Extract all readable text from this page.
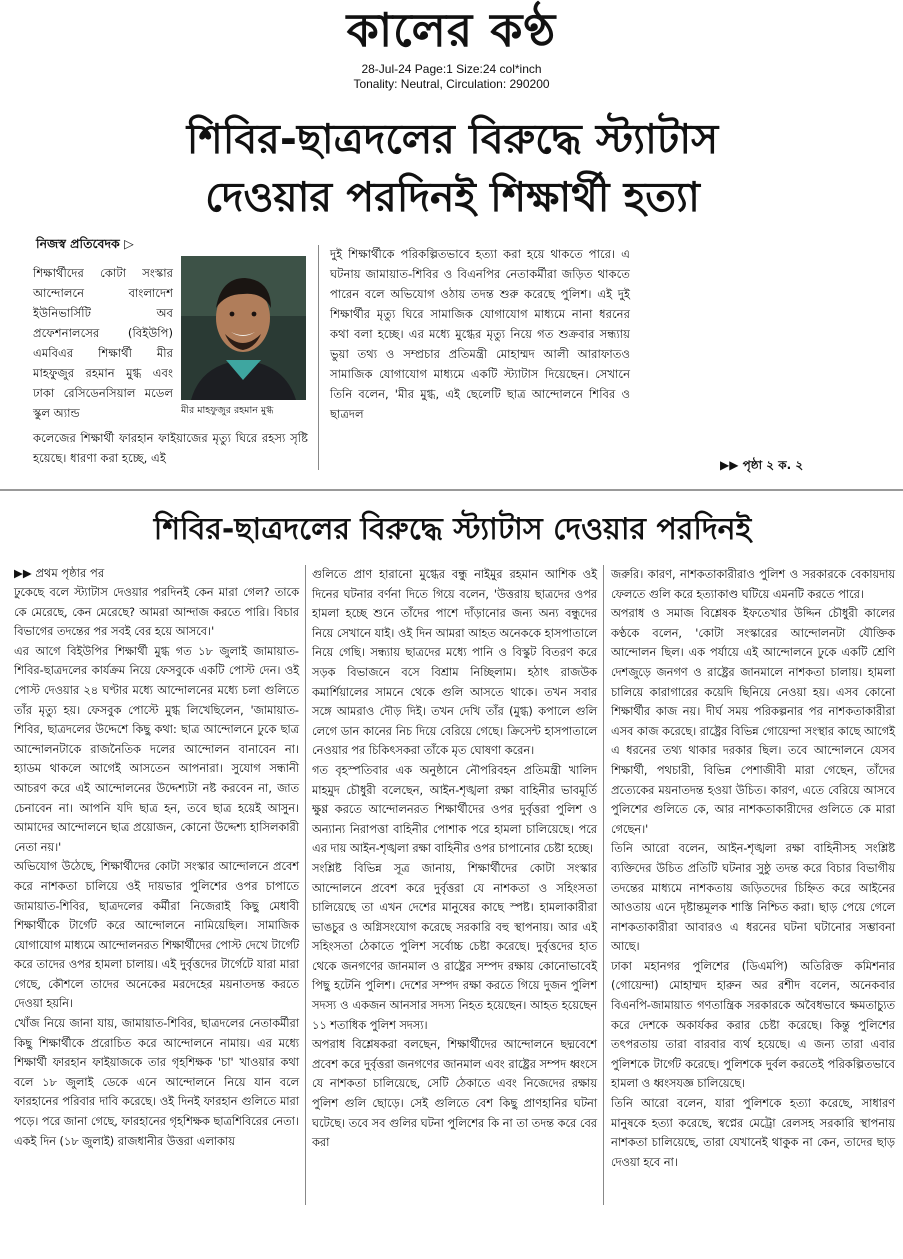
কালের কণ্ঠ
28-Jul-24 Page:1 Size:24 col*inch
Tonality: Neutral, Circulation: 290200
শিবির-ছাত্রদলের বিরুদ্ধে স্ট্যাটাস
দেওয়ার পরদিনই শিক্ষার্থী হত্যা
নিজস্ব প্রতিবেদক ▷

শিক্ষার্থীদের কোটা সংস্কার আন্দোলনে বাংলাদেশ ইউনিভার্সিটি অব প্রফেশনালসের (বিইউপি) এমবিএর শিক্ষার্থী মীর মাহফুজুর রহমান মুগ্ধ এবং ঢাকা রেসিডেনসিয়াল মডেল স্কুল অ্যান্ড	মীর মাহফুজুর রহমান মুগ্ধ

কলেজের শিক্ষার্থী ফারহান ফাইয়াজের মৃত্যু ঘিরে রহস্য সৃষ্টি হয়েছে। ধারণা করা হচ্ছে, এই

দুই শিক্ষার্থীকে পরিকল্পিতভাবে হত্যা করা হয়ে থাকতে পারে। এ ঘটনায় জামায়াত-শিবির ও বিএনপির নেতাকর্মীরা জড়িত থাকতে পারেন বলে অভিযোগ ওঠায় তদন্ত শুরু করেছে পুলিশ। এই দুই শিক্ষার্থীর মৃত্যু ঘিরে সামাজিক যোগাযোগ মাধ্যমে নানা ধরনের কথা বলা হচ্ছে। এর মধ্যে মুগ্ধের মৃত্যু নিয়ে গত শুক্রবার সন্ধ্যায় ভুয়া তথ্য ও সম্প্রচার প্রতিমন্ত্রী মোহাম্মদ আলী আরাফাতও সামাজিক যোগাযোগ মাধ্যমে একটি স্ট্যাটাস দিয়েছেন। সেখানে তিনি বলেন, 'মীর মুগ্ধ, এই ছেলেটি ছাত্র আন্দোলনে শিবির ও ছাত্রদল

▶▶ পৃষ্ঠা ২ ক. ২
শিবির-ছাত্রদলের বিরুদ্ধে স্ট্যাটাস দেওয়ার পরদিনই
▶▶ প্রথম পৃষ্ঠার পর

ঢুকেছে বলে স্ট্যাটাস দেওয়ার পরদিনই কেন মারা গেল? তাকে কে মেরেছে, কেন মেরেছে? আমরা আন্দাজ করতে পারি। বিচার বিভাগের তদন্তের পর সবই বের হয়ে আসবে।'

এর আগে বিইউপির শিক্ষার্থী মুগ্ধ গত ১৮ জুলাই জামায়াত-শিবির-ছাত্রদলের কার্যক্রম নিয়ে ফেসবুকে একটি পোস্ট দেন। ওই পোস্ট দেওয়ার ২৪ ঘণ্টার মধ্যে আন্দোলনের মধ্যে চলা গুলিতে তাঁর মৃত্যু হয়। ফেসবুক পোস্টে মুগ্ধ লিখেছিলেন, 'জামায়াত-শিবির, ছাত্রদলের উদ্দেশে কিছু কথা: ছাত্র আন্দোলনে ঢুকে ছাত্র আন্দোলনটাকে রাজনৈতিক দলের আন্দোলন বানাবেন না। হ্যাডম থাকলে আগেই আসতেন আপনারা। সুযোগ সন্ধানী আচরণ করে এই আন্দোলনের উদ্দেশ্যটা নষ্ট করবেন না, জাত চেনাবেন না। আপনি যদি ছাত্র হন, তবে ছাত্র হয়েই আসুন। আমাদের আন্দোলনে ছাত্র প্রয়োজন, কোনো উদ্দেশ্য হাসিলকারী নেতা নয়।'

অভিযোগ উঠেছে, শিক্ষার্থীদের কোটা সংস্কার আন্দোলনে প্রবেশ করে নাশকতা চালিয়ে ওই দায়ভার পুলিশের ওপর চাপাতে জামায়াত-শিবির, ছাত্রদলের কর্মীরা নিজেরাই কিছু মেধাবী শিক্ষার্থীকে টার্গেট করে আন্দোলনে নামিয়েছিল। সামাজিক যোগাযোগ মাধ্যমে আন্দোলনরত শিক্ষার্থীদের পোস্ট দেখে টার্গেট করে তাদের ওপর হামলা চালায়। এই দুর্বৃত্তদের টার্গেটে যারা মারা গেছে, কৌশলে তাদের অনেকের মরদেহের ময়নাতদন্ত করতে দেওয়া হয়নি।

খোঁজ নিয়ে জানা যায়, জামায়াত-শিবির, ছাত্রদলের নেতাকর্মীরা কিছু শিক্ষার্থীকে প্ররোচিত করে আন্দোলনে নামায়। এর মধ্যে শিক্ষার্থী ফারহান ফাইয়াজকে তার গৃহশিক্ষক 'চা' খাওয়ার কথা বলে ১৮ জুলাই ডেকে এনে আন্দোলনে নিয়ে যান বলে ফারহানের পরিবার দাবি করেছে। ওই দিনই ফারহান গুলিতে মারা পড়ে। পরে জানা গেছে, ফারহানের গৃহশিক্ষক ছাত্রশিবিরের নেতা।

একই দিন (১৮ জুলাই) রাজধানীর উত্তরা এলাকায়

গুলিতে প্রাণ হারানো মুগ্ধের বন্ধু নাইমুর রহমান আশিক ওই দিনের ঘটনার বর্ণনা দিতে গিয়ে বলেন, 'উত্তরায় ছাত্রদের ওপর হামলা হচ্ছে শুনে তাঁদের পাশে দাঁড়ানোর জন্য অন্য বন্ধুদের নিয়ে সেখানে যাই। ওই দিন আমরা আহত অনেককে হাসপাতালে নিয়ে গেছি। সন্ধ্যায় ছাত্রদের মধ্যে পানি ও বিস্কুট বিতরণ করে সড়ক বিভাজনে বসে বিশ্রাম নিচ্ছিলাম। হঠাৎ রাজউক কমার্শিয়ালের সামনে থেকে গুলি আসতে থাকে। তখন সবার সঙ্গে আমরাও দৌড় দিই। তখন দেখি তাঁর (মুগ্ধ) কপালে গুলি লেগে ডান কানের নিচ দিয়ে বেরিয়ে গেছে। ক্রিসেন্ট হাসপাতালে নেওয়ার পর চিকিৎসকরা তাঁকে মৃত ঘোষণা করেন।

গত বৃহস্পতিবার এক অনুষ্ঠানে নৌপরিবহন প্রতিমন্ত্রী খালিদ মাহমুদ চৌধুরী বলেছেন, আইন-শৃঙ্খলা রক্ষা বাহিনীর ভাবমূর্তি ক্ষুণ্ণ করতে আন্দোলনরত শিক্ষার্থীদের ওপর দুর্বৃত্তরা পুলিশ ও অন্যান্য নিরাপত্তা বাহিনীর পোশাক পরে হামলা চালিয়েছে। পরে এর দায় আইন-শৃঙ্খলা রক্ষা বাহিনীর ওপর চাপানোর চেষ্টা হচ্ছে।

সংশ্লিষ্ট বিভিন্ন সূত্র জানায়, শিক্ষার্থীদের কোটা সংস্কার আন্দোলনে প্রবেশ করে দুর্বৃত্তরা যে নাশকতা ও সহিংসতা চালিয়েছে তা এখন দেশের মানুষের কাছে স্পষ্ট। হামলাকারীরা ভাঙচুর ও অগ্নিসংযোগ করেছে সরকারি বহু স্থাপনায়। আর এই সহিংসতা ঠেকাতে পুলিশ সর্বোচ্চ চেষ্টা করেছে। দুর্বৃত্তদের হাত থেকে জনগণের জানমাল ও রাষ্ট্রের সম্পদ রক্ষায় কোনোভাবেই পিছু হটেনি পুলিশ। দেশের সম্পদ রক্ষা করতে গিয়ে দুজন পুলিশ সদস্য ও একজন আনসার সদস্য নিহত হয়েছেন। আহত হয়েছেন ১১ শতাধিক পুলিশ সদস্য।

অপরাধ বিশ্লেষকরা বলছেন, শিক্ষার্থীদের আন্দোলনে ছদ্মবেশে প্রবেশ করে দুর্বৃত্তরা জনগণের জানমাল এবং রাষ্ট্রের সম্পদ ধ্বংসে যে নাশকতা চালিয়েছে, সেটি ঠেকাতে এবং নিজেদের রক্ষায় পুলিশ গুলি ছোড়ে। সেই গুলিতে বেশ কিছু প্রাণহানির ঘটনা ঘটেছে। তবে সব গুলির ঘটনা পুলিশের কি না তা তদন্ত করে বের করা

জরুরি। কারণ, নাশকতাকারীরাও পুলিশ ও সরকারকে বেকায়দায় ফেলতে গুলি করে হত্যাকাণ্ড ঘটিয়ে এমনটি করতে পারে।

অপরাধ ও সমাজ বিশ্লেষক ইফতেখার উদ্দিন চৌধুরী কালের কণ্ঠকে বলেন, 'কোটা সংস্কারের আন্দোলনটা যৌক্তিক আন্দোলন ছিল। এক পর্যায়ে এই আন্দোলনে ঢুকে একটি শ্রেণি দেশজুড়ে জনগণ ও রাষ্ট্রের জানমালে নাশকতা চালায়। হামলা চালিয়ে কারাগারের কয়েদি ছিনিয়ে নেওয়া হয়। এসব কোনো শিক্ষার্থীর কাজ নয়। দীর্ঘ সময় পরিকল্পনার পর নাশকতাকারীরা এসব কাজ করেছে। রাষ্ট্রের বিভিন্ন গোয়েন্দা সংস্থার কাছে আগেই এ ধরনের তথ্য থাকার দরকার ছিল। তবে আন্দোলনে যেসব শিক্ষার্থী, পথচারী, বিভিন্ন পেশাজীবী মারা গেছেন, তাঁদের প্রত্যেকের ময়নাতদন্ত হওয়া উচিত। কারণ, এতে বেরিয়ে আসবে পুলিশের গুলিতে কে, আর নাশকতাকারীদের গুলিতে কে মারা গেছেন।'

তিনি আরো বলেন, আইন-শৃঙ্খলা রক্ষা বাহিনীসহ সংশ্লিষ্ট ব্যক্তিদের উচিত প্রতিটি ঘটনার সুষ্ঠু তদন্ত করে বিচার বিভাগীয় তদন্তের মাধ্যমে নাশকতায় জড়িতদের চিহ্নিত করে আইনের আওতায় এনে দৃষ্টান্তমূলক শাস্তি নিশ্চিত করা। ছাড় পেয়ে গেলে নাশকতাকারীরা আবারও এ ধরনের ঘটনা ঘটানোর সম্ভাবনা আছে।

ঢাকা মহানগর পুলিশের (ডিএমপি) অতিরিক্ত কমিশনার (গোয়েন্দা) মোহাম্মদ হারুন অর রশীদ বলেন, অনেকবার বিএনপি-জামায়াত গণতান্ত্রিক সরকারকে অবৈধভাবে ক্ষমতাচ্যুত করে দেশকে অকার্যকর করার চেষ্টা করেছে। কিন্তু পুলিশের তৎপরতায় তারা বারবার ব্যর্থ হয়েছে। এ জন্য তারা এবার পুলিশকে টার্গেট করেছে। পুলিশকে দুর্বল করতেই পরিকল্পিতভাবে হামলা ও ধ্বংসযজ্ঞ চালিয়েছে।

তিনি আরো বলেন, যারা পুলিশকে হত্যা করেছে, সাধারণ মানুষকে হত্যা করেছে, স্বপ্নের মেট্রো রেলসহ সরকারি স্থাপনায় নাশকতা চালিয়েছে, তারা যেখানেই থাকুক না কেন, তাদের ছাড় দেওয়া হবে না।
